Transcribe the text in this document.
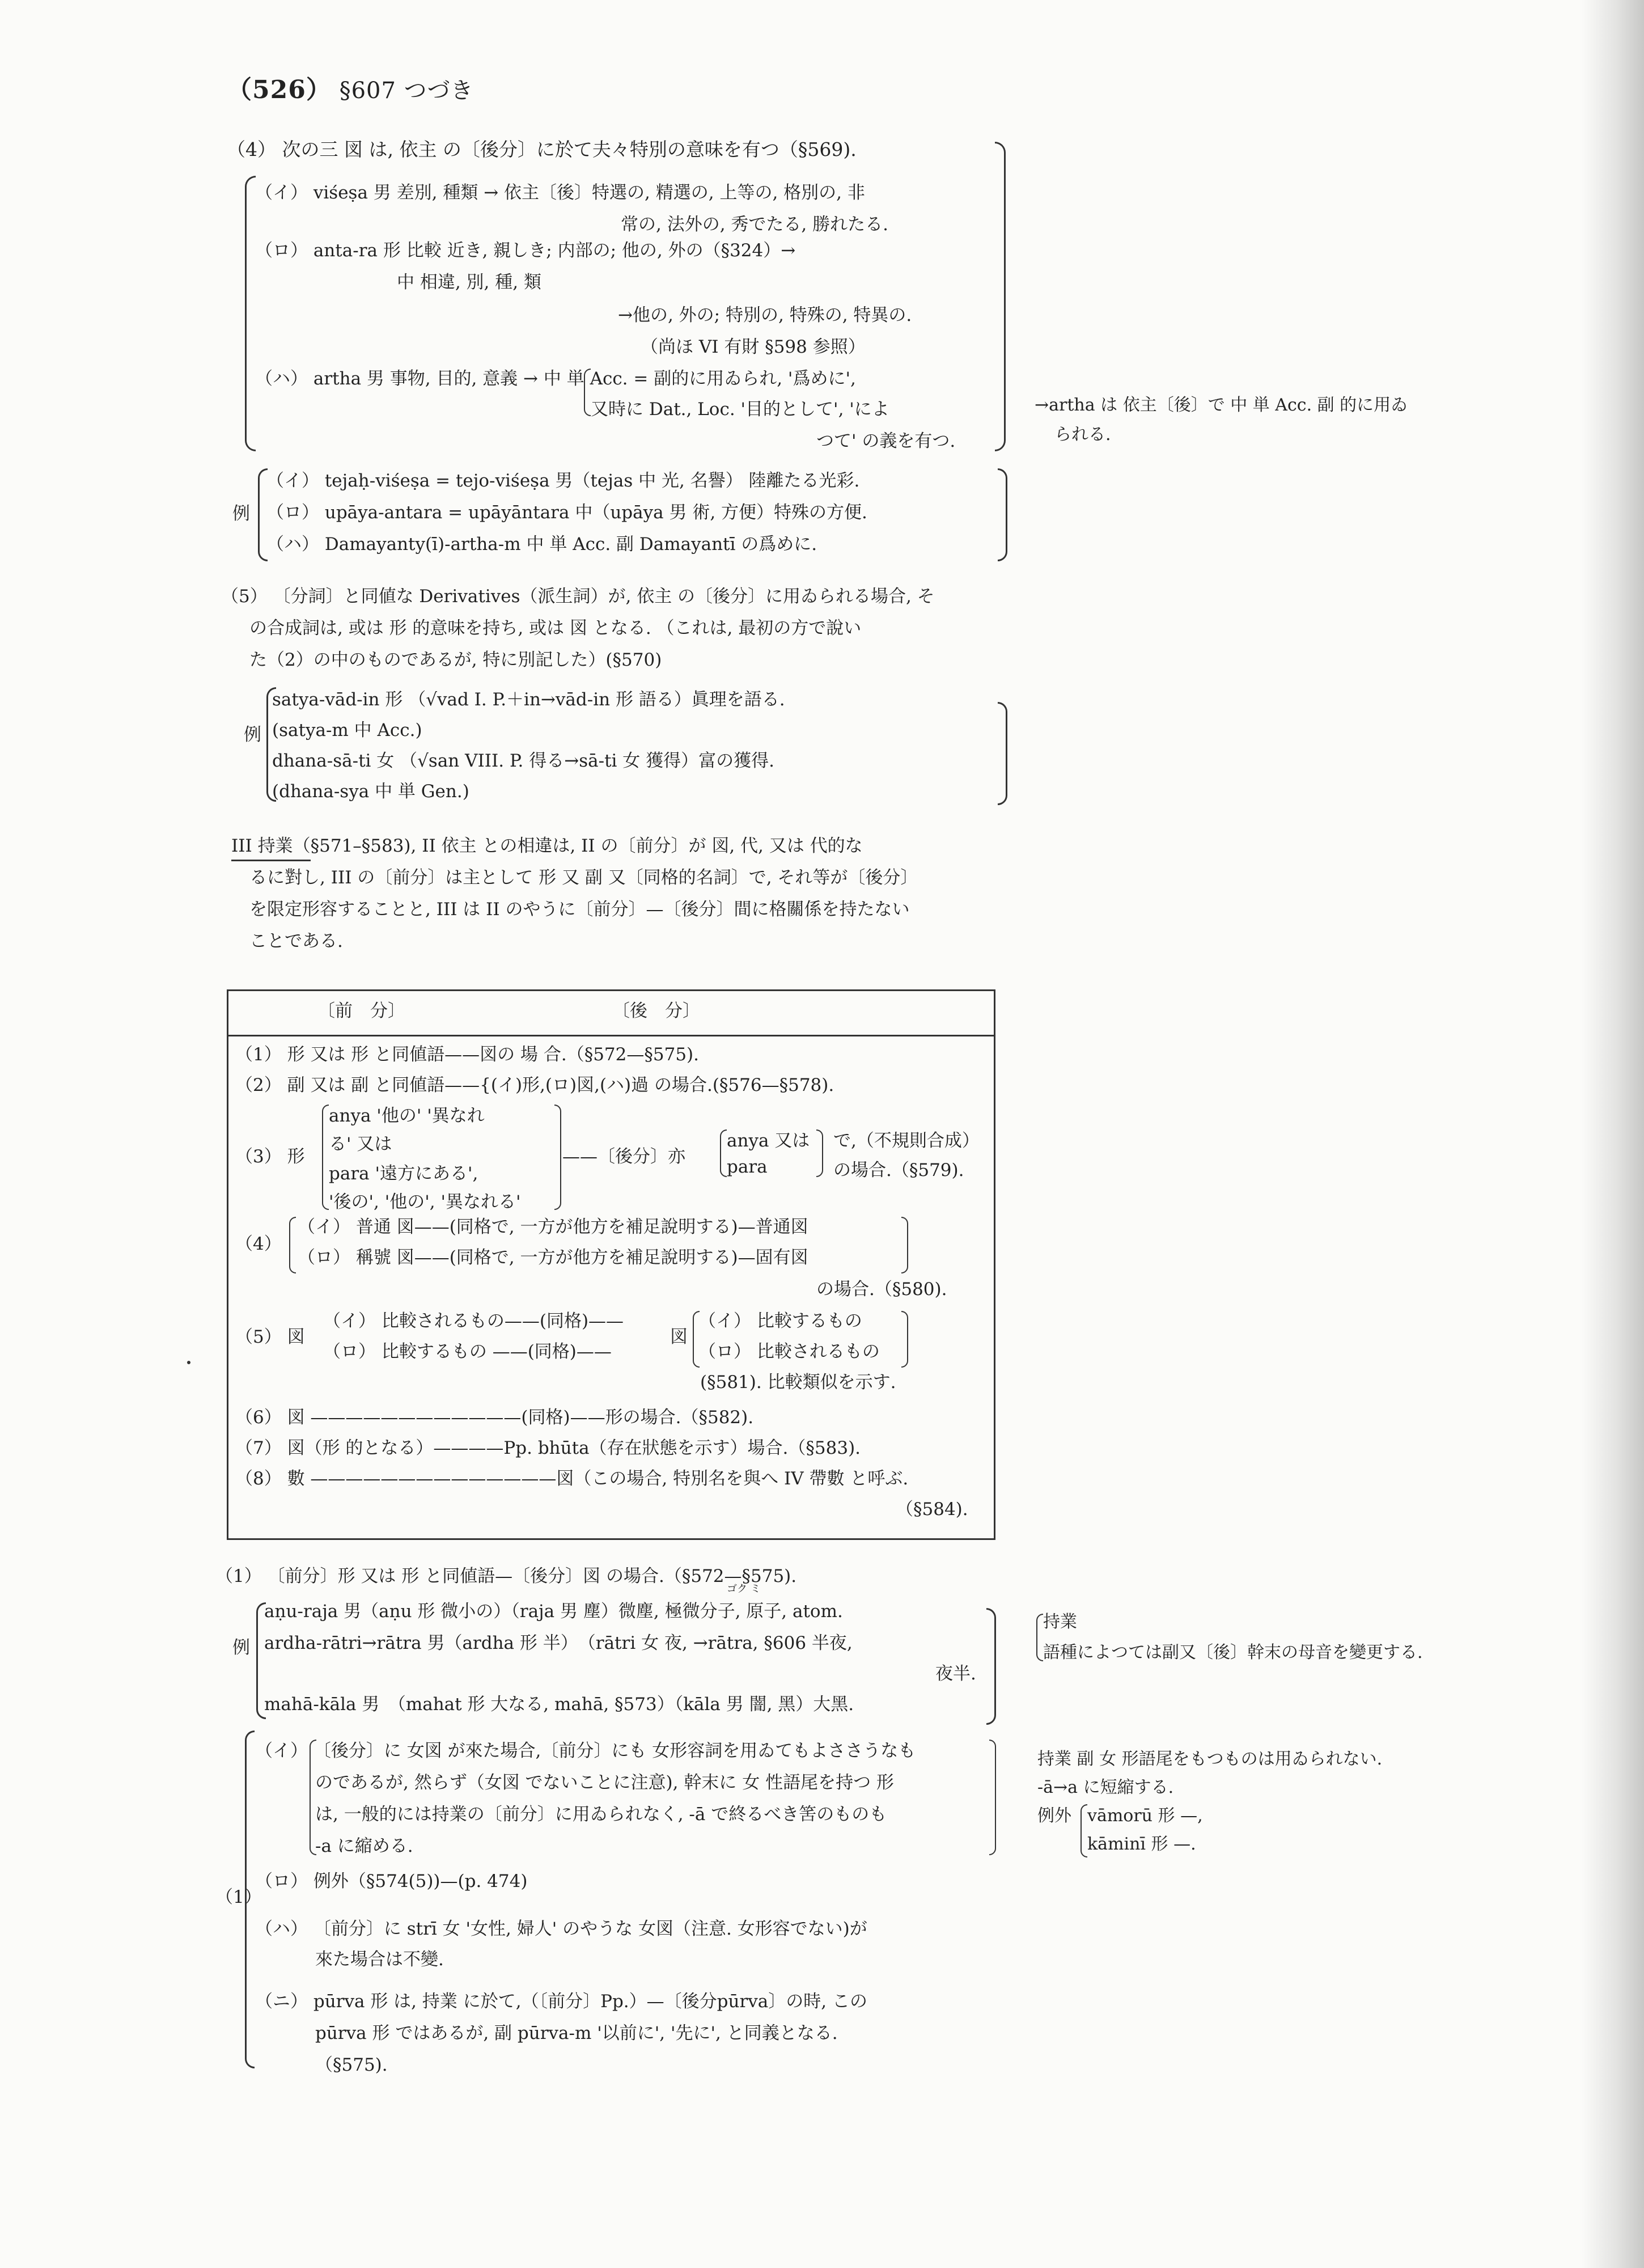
（526） §607 つづき
（4） 次の三 図 は, 依主 の〔後分〕に於て夫々特別の意味を有つ（§569).
（イ） viśeṣa 男 差別, 種類 → 依主〔後〕特選の, 精選の, 上等の, 格別の, 非
常の, 法外の, 秀でたる, 勝れたる.
（ロ） anta-ra 形 比較 近き, 親しき; 内部の; 他の, 外の（§324）→
中 相違, 別, 種, 類
→他の, 外の; 特別の, 特殊の, 特異の.
（尚ほ VI 有財 §598 参照）
（ハ） artha 男 事物, 目的, 意義 → 中 単 Acc. = 副的に用ゐられ, '爲めに',
又時に Dat., Loc. '目的として', 'によ
つて' の義を有つ.
→artha は 依主〔後〕で 中 単 Acc. 副 的に用ゐ
られる.
例
（イ） tejaḥ-viśeṣa = tejo-viśeṣa 男（tejas 中 光, 名譽） 陸離たる光彩.
（ロ） upāya-antara = upāyāntara 中（upāya 男 術, 方便）特殊の方便.
（ハ） Damayanty(ī)-artha-m 中 単 Acc. 副 Damayantī の爲めに.
（5） 〔分詞〕と同値な Derivatives（派生詞）が, 依主 の〔後分〕に用ゐられる場合, そ
の合成詞は, 或は 形 的意味を持ち, 或は 図 となる. （これは, 最初の方で說い
た（2）の中のものであるが, 特に別記した）(§570)
例
satya-vād-in 形 （√vad I. P.＋in→vād-in 形 語る）眞理を語る.
(satya-m 中 Acc.)
dhana-sā-ti 女 （√san VIII. P. 得る→sā-ti 女 獲得）富の獲得.
(dhana-sya 中 単 Gen.)
III 持業（§571–§583), II 依主 との相違は, II の〔前分〕が 図, 代, 又は 代的な
るに對し, III の〔前分〕は主として 形 又 副 又〔同格的名詞〕で, それ等が〔後分〕
を限定形容することと, III は II のやうに〔前分〕—〔後分〕間に格關係を持たない
ことである.
〔前　分〕	〔後　分〕
（1） 形 又は 形 と同値語——図の 場 合.（§572—§575).
（2） 副 又は 副 と同値語——{(イ)形,(ロ)図,(ハ)過 の場合.(§576—§578).
anya '他の' '異なれ
る' 又は
（3） 形	——〔後分〕亦
anya 又は
para
で,（不規則合成）
の場合.（§579).
para '遠方にある',
'後の', '他の', '異なれる'
（4）
（イ） 普通 図——(同格で, 一方が他方を補足說明する)—普通図
（ロ） 稱號 図——(同格で, 一方が他方を補足說明する)—固有図
の場合.（§580).
（5） 図
（イ） 比較されるもの——(同格)——
（ロ） 比較するもの ——(同格)——
図
（イ） 比較するもの
（ロ） 比較されるもの
(§581). 比較類似を示す.
（6） 図 ————————————(同格)——形の場合.（§582).
（7） 図（形 的となる）————Pp. bhūta（存在狀態を示す）場合.（§583).
（8） 數 ——————————————図（この場合, 特別名を與へ IV 帶數 と呼ぶ.
（§584).
（1） 〔前分〕形 又は 形 と同値語—〔後分〕図 の場合.（§572—§575).
例
ゴク ミ
aṇu-raja 男（aṇu 形 微小の）（raja 男 塵）微塵, 極微分子, 原子, atom.
ardha-rātri→rātra 男（ardha 形 半）　（rātri 女 夜, →rātra, §606 半夜,
夜半.
mahā-kāla 男　（mahat 形 大なる, mahā, §573）（kāla 男 闇, 黑）大黑.
持業
語種によつては副又〔後〕幹末の母音を變更する.
（1）
（イ） 〔後分〕に 女図 が來た場合,〔前分〕にも 女形容詞を用ゐてもよささうなも
のであるが, 然らず（女図 でないことに注意), 幹末に 女 性語尾を持つ 形
は, 一般的には持業の〔前分〕に用ゐられなく, -ā で終るべき筈のものも
-a に縮める.
（ロ） 例外（§574(5))—(p. 474)
（ハ） 〔前分〕に strī 女 '女性, 婦人' のやうな 女図（注意. 女形容でない)が
來た場合は不變.
（ニ） pūrva 形 は, 持業 に於て,（〔前分〕Pp.）—〔後分pūrva〕の時, この
pūrva 形 ではあるが, 副 pūrva-m '以前に', '先に', と同義となる.
（§575).
持業 副 女 形語尾をもつものは用ゐられない.
-ā→a に短縮する.
例外 vāmorū 形 —,
kāminī 形 —.
